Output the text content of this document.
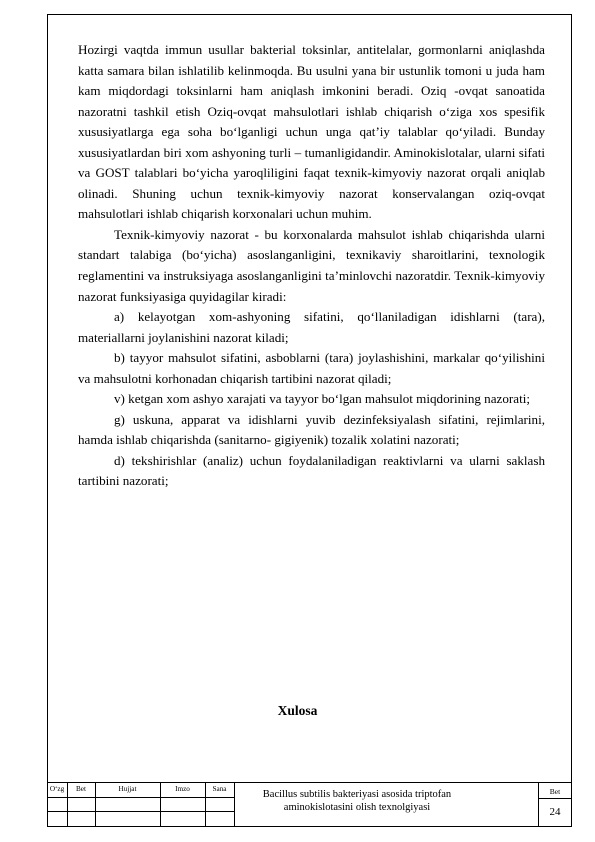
Hozirgi vaqtda immun usullar bakterial toksinlar, antitelalar, gormonlarni aniqlashda katta samara bilan ishlatilib kelinmoqda. Bu usulni yana bir ustunlik tomoni u juda ham kam miqdordagi toksinlarni ham aniqlash imkonini beradi. Oziq -ovqat sanoatida nazoratni tashkil etish Oziq-ovqat mahsulotlari ishlab chiqarish o‘ziga xos spesifik xususiyatlarga ega soha bo‘lganligi uchun unga qat’iy talablar qo‘yiladi. Bunday xususiyatlardan biri xom ashyoning turli – tumanligidandir. Aminokislotalar, ularni sifati va GOST talablari bo‘yicha yaroqliligini faqat texnik-kimyoviy nazorat orqali aniqlab olinadi. Shuning uchun texnik-kimyoviy nazorat konservalangan oziq-ovqat mahsulotlari ishlab chiqarish korxonalari uchun muhim.

Texnik-kimyoviy nazorat - bu korxonalarda mahsulot ishlab chiqarishda ularni standart talabiga (bo‘yicha) asoslanganligini, texnikaviy sharoitlarini, texnologik reglamentini va instruksiyaga asoslanganligini ta’minlovchi nazoratdir. Texnik-kimyoviy nazorat funksiyasiga quyidagilar kiradi:

a) kelayotgan xom-ashyoning sifatini, qo‘llaniladigan idishlarni (tara), materiallarni joylanishini nazorat kiladi;

b) tayyor mahsulot sifatini, asboblarni (tara) joylashishini, markalar qo‘yilishini va mahsulotni korhonadan chiqarish tartibini nazorat qiladi;

v) ketgan xom ashyo xarajati va tayyor bo‘lgan mahsulot miqdorining nazorati;

g) uskuna, apparat va idishlarni yuvib dezinfeksiyalash sifatini, rejimlarini, hamda ishlab chiqarishda (sanitarno- gigiyenik) tozalik xolatini nazorati;

d) tekshirishlar (analiz) uchun foydalaniladigan reaktivlarni va ularni saklash tartibini nazorati;

Xulosa
O‘zg	Bet	Hujjat	Imzo	Sana	Bacillus subtilis bakteriyasi asosida triptofan aminokislotasini olish texnolgiyasi
Bet
24
